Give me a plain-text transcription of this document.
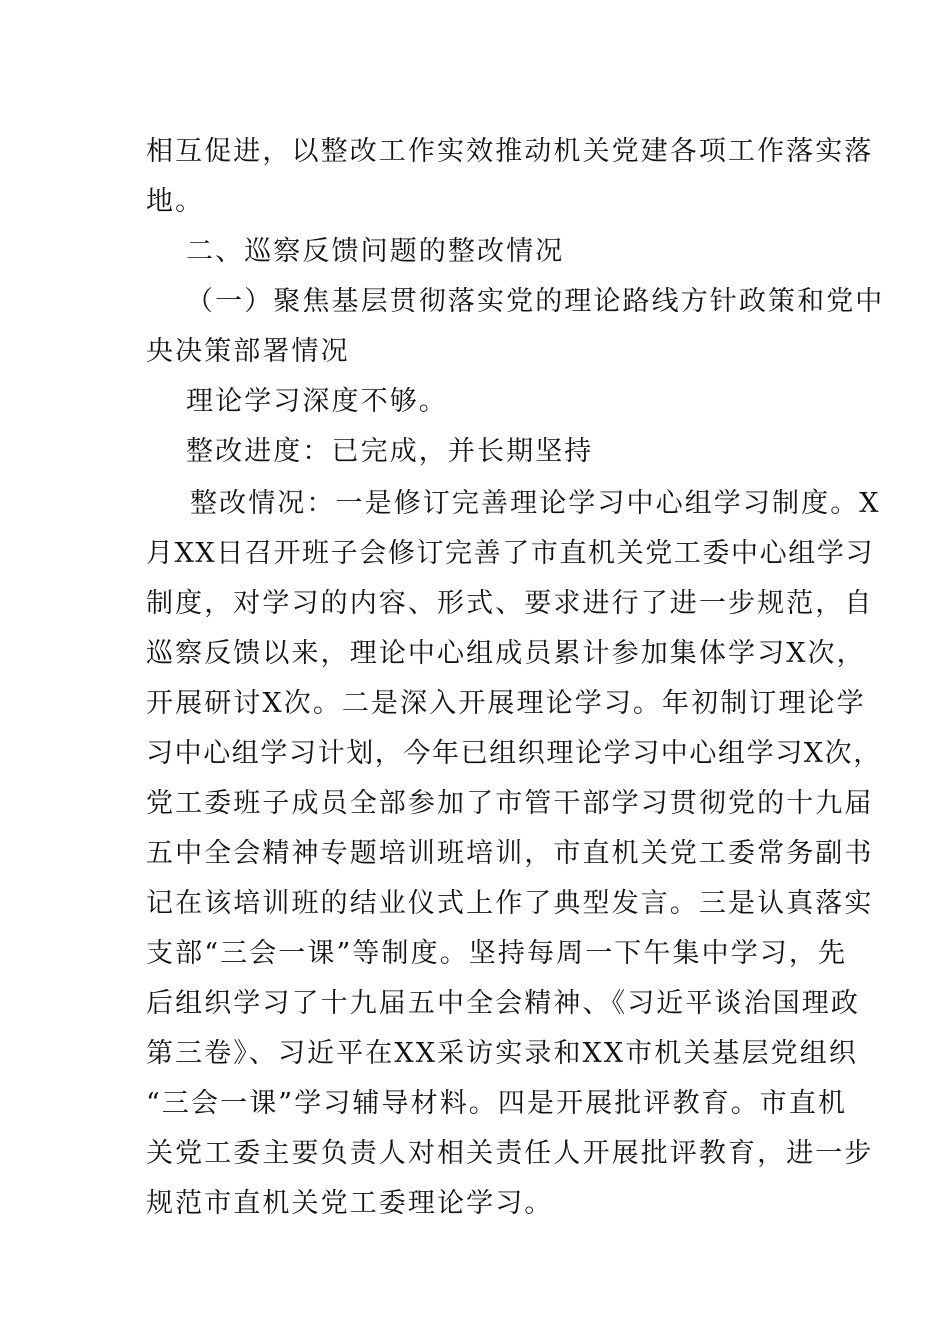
相互促进，以整改工作实效推动机关党建各项工作落实落
地。
二、巡察反馈问题的整改情况
（一）聚焦基层贯彻落实党的理论路线方针政策和党中
央决策部署情况
理论学习深度不够。
整改进度：已完成，并长期坚持
整改情况：一是修订完善理论学习中心组学习制度。X
月XX日召开班子会修订完善了市直机关党工委中心组学习
制度，对学习的内容、形式、要求进行了进一步规范，自
巡察反馈以来，理论中心组成员累计参加集体学习X次，
开展研讨X次。二是深入开展理论学习。年初制订理论学
习中心组学习计划，今年已组织理论学习中心组学习X次，
党工委班子成员全部参加了市管干部学习贯彻党的十九届
五中全会精神专题培训班培训，市直机关党工委常务副书
记在该培训班的结业仪式上作了典型发言。三是认真落实
支部“三会一课”等制度。坚持每周一下午集中学习，先
后组织学习了十九届五中全会精神、《习近平谈治国理政
第三卷》、习近平在XX采访实录和XX市机关基层党组织
“三会一课”学习辅导材料。四是开展批评教育。市直机
关党工委主要负责人对相关责任人开展批评教育，进一步
规范市直机关党工委理论学习。
